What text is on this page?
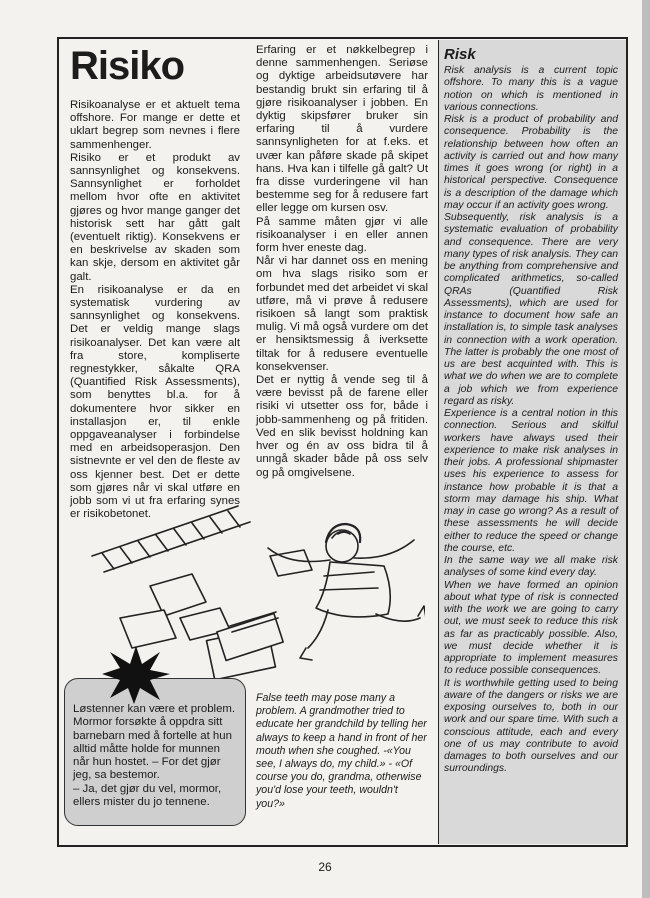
Risiko

Risikoanalyse er et aktuelt tema offshore. For mange er dette et uklart begrep som nevnes i flere sammenhenger.

Risiko er et produkt av sannsynlighet og konsekvens. Sannsynlighet er forholdet mellom hvor ofte en aktivitet gjøres og hvor mange ganger det historisk sett har gått galt (eventuelt riktig). Konsekvens er en beskrivelse av skaden som kan skje, dersom en aktivitet går galt.

En risikoanalyse er da en systematisk vurdering av sannsynlighet og konsekvens. Det er veldig mange slags risikoanalyser. Det kan være alt fra store, kompliserte regnestykker, såkalte QRA (Quantified Risk Assessments), som benyttes bl.a. for å dokumentere hvor sikker en installasjon er, til enkle oppgaveanalyser i forbindelse med en arbeidsoperasjon. Den sistnevnte er vel den de fleste av oss kjenner best. Det er dette som gjøres når vi skal utføre en jobb som vi ut fra erfaring synes er risikobetonet.

Erfaring er et nøkkelbegrep i denne sammenhengen. Seriøse og dyktige arbeidsutøvere har bestandig brukt sin erfaring til å gjøre risikoanalyser i jobben. En dyktig skipsfører bruker sin erfaring til å vurdere sannsynligheten for at f.eks. et uvær kan påføre skade på skipet hans. Hva kan i tilfelle gå galt? Ut fra disse vurderingene vil han bestemme seg for å redusere fart eller legge om kursen osv.

På samme måten gjør vi alle risikoanalyser i en eller annen form hver eneste dag.

Når vi har dannet oss en mening om hva slags risiko som er forbundet med det arbeidet vi skal utføre, må vi prøve å redusere risikoen så langt som praktisk mulig. Vi må også vurdere om det er hensiktsmessig å iverksette tiltak for å redusere eventuelle konsekvenser.

Det er nyttig å vende seg til å være bevisst på de farene eller risiki vi utsetter oss for, både i jobb-sammenheng og på fritiden. Ved en slik bevisst holdning kan hver og én av oss bidra til å unngå skader både på oss selv og på omgivelsene.

Risk

Risk analysis is a current topic offshore. To many this is a vague notion on which is mentioned in various connections.

Risk is a product of probability and consequence. Probability is the relationship between how often an activity is carried out and how many times it goes wrong (or right) in a historical perspective. Consequence is a description of the damage which may occur if an activity goes wrong.

Subsequently, risk analysis is a systematic evaluation of probability and consequence. There are very many types of risk analysis. They can be anything from comprehensive and complicated arithmetics, so-called QRAs (Quantified Risk Assessments), which are used for instance to document how safe an installation is, to simple task analyses in connection with a work operation. The latter is probably the one most of us are best acquinted with. This is what we do when we are to complete a job which we from experience regard as risky.

Experience is a central notion in this connection. Serious and skilful workers have always used their experience to make risk analyses in their jobs. A professional shipmaster uses his experience to assess for instance how probable it is that a storm may damage his ship. What may in case go wrong? As a result of these assessments he will decide either to reduce the speed or change the course, etc.

In the same way we all make risk analyses of some kind every day.

When we have formed an opinion about what type of risk is connected with the work we are going to carry out, we must seek to reduce this risk as far as practicably possible. Also, we must decide whether it is appropriate to implement measures to reduce possible consequences.

It is worthwhile getting used to being aware of the dangers or risks we are exposing ourselves to, both in our work and our spare time. With such a conscious attitude, each and every one of us may contribute to avoid damages to both ourselves and our surroundings.

Løstenner kan være et problem. Mormor forsøkte å oppdra sitt barnebarn med å fortelle at hun alltid måtte holde for munnen når hun hostet. – For det gjør jeg, sa bestemor.

– Ja, det gjør du vel, mormor, ellers mister du jo tennene.

False teeth may pose many a problem. A grandmother tried to educate her grandchild by telling her always to keep a hand in front of her mouth when she coughed. -«You see, I always do, my child.» - «Of course you do, grandma, otherwise you'd lose your teeth, wouldn't you?»

26
